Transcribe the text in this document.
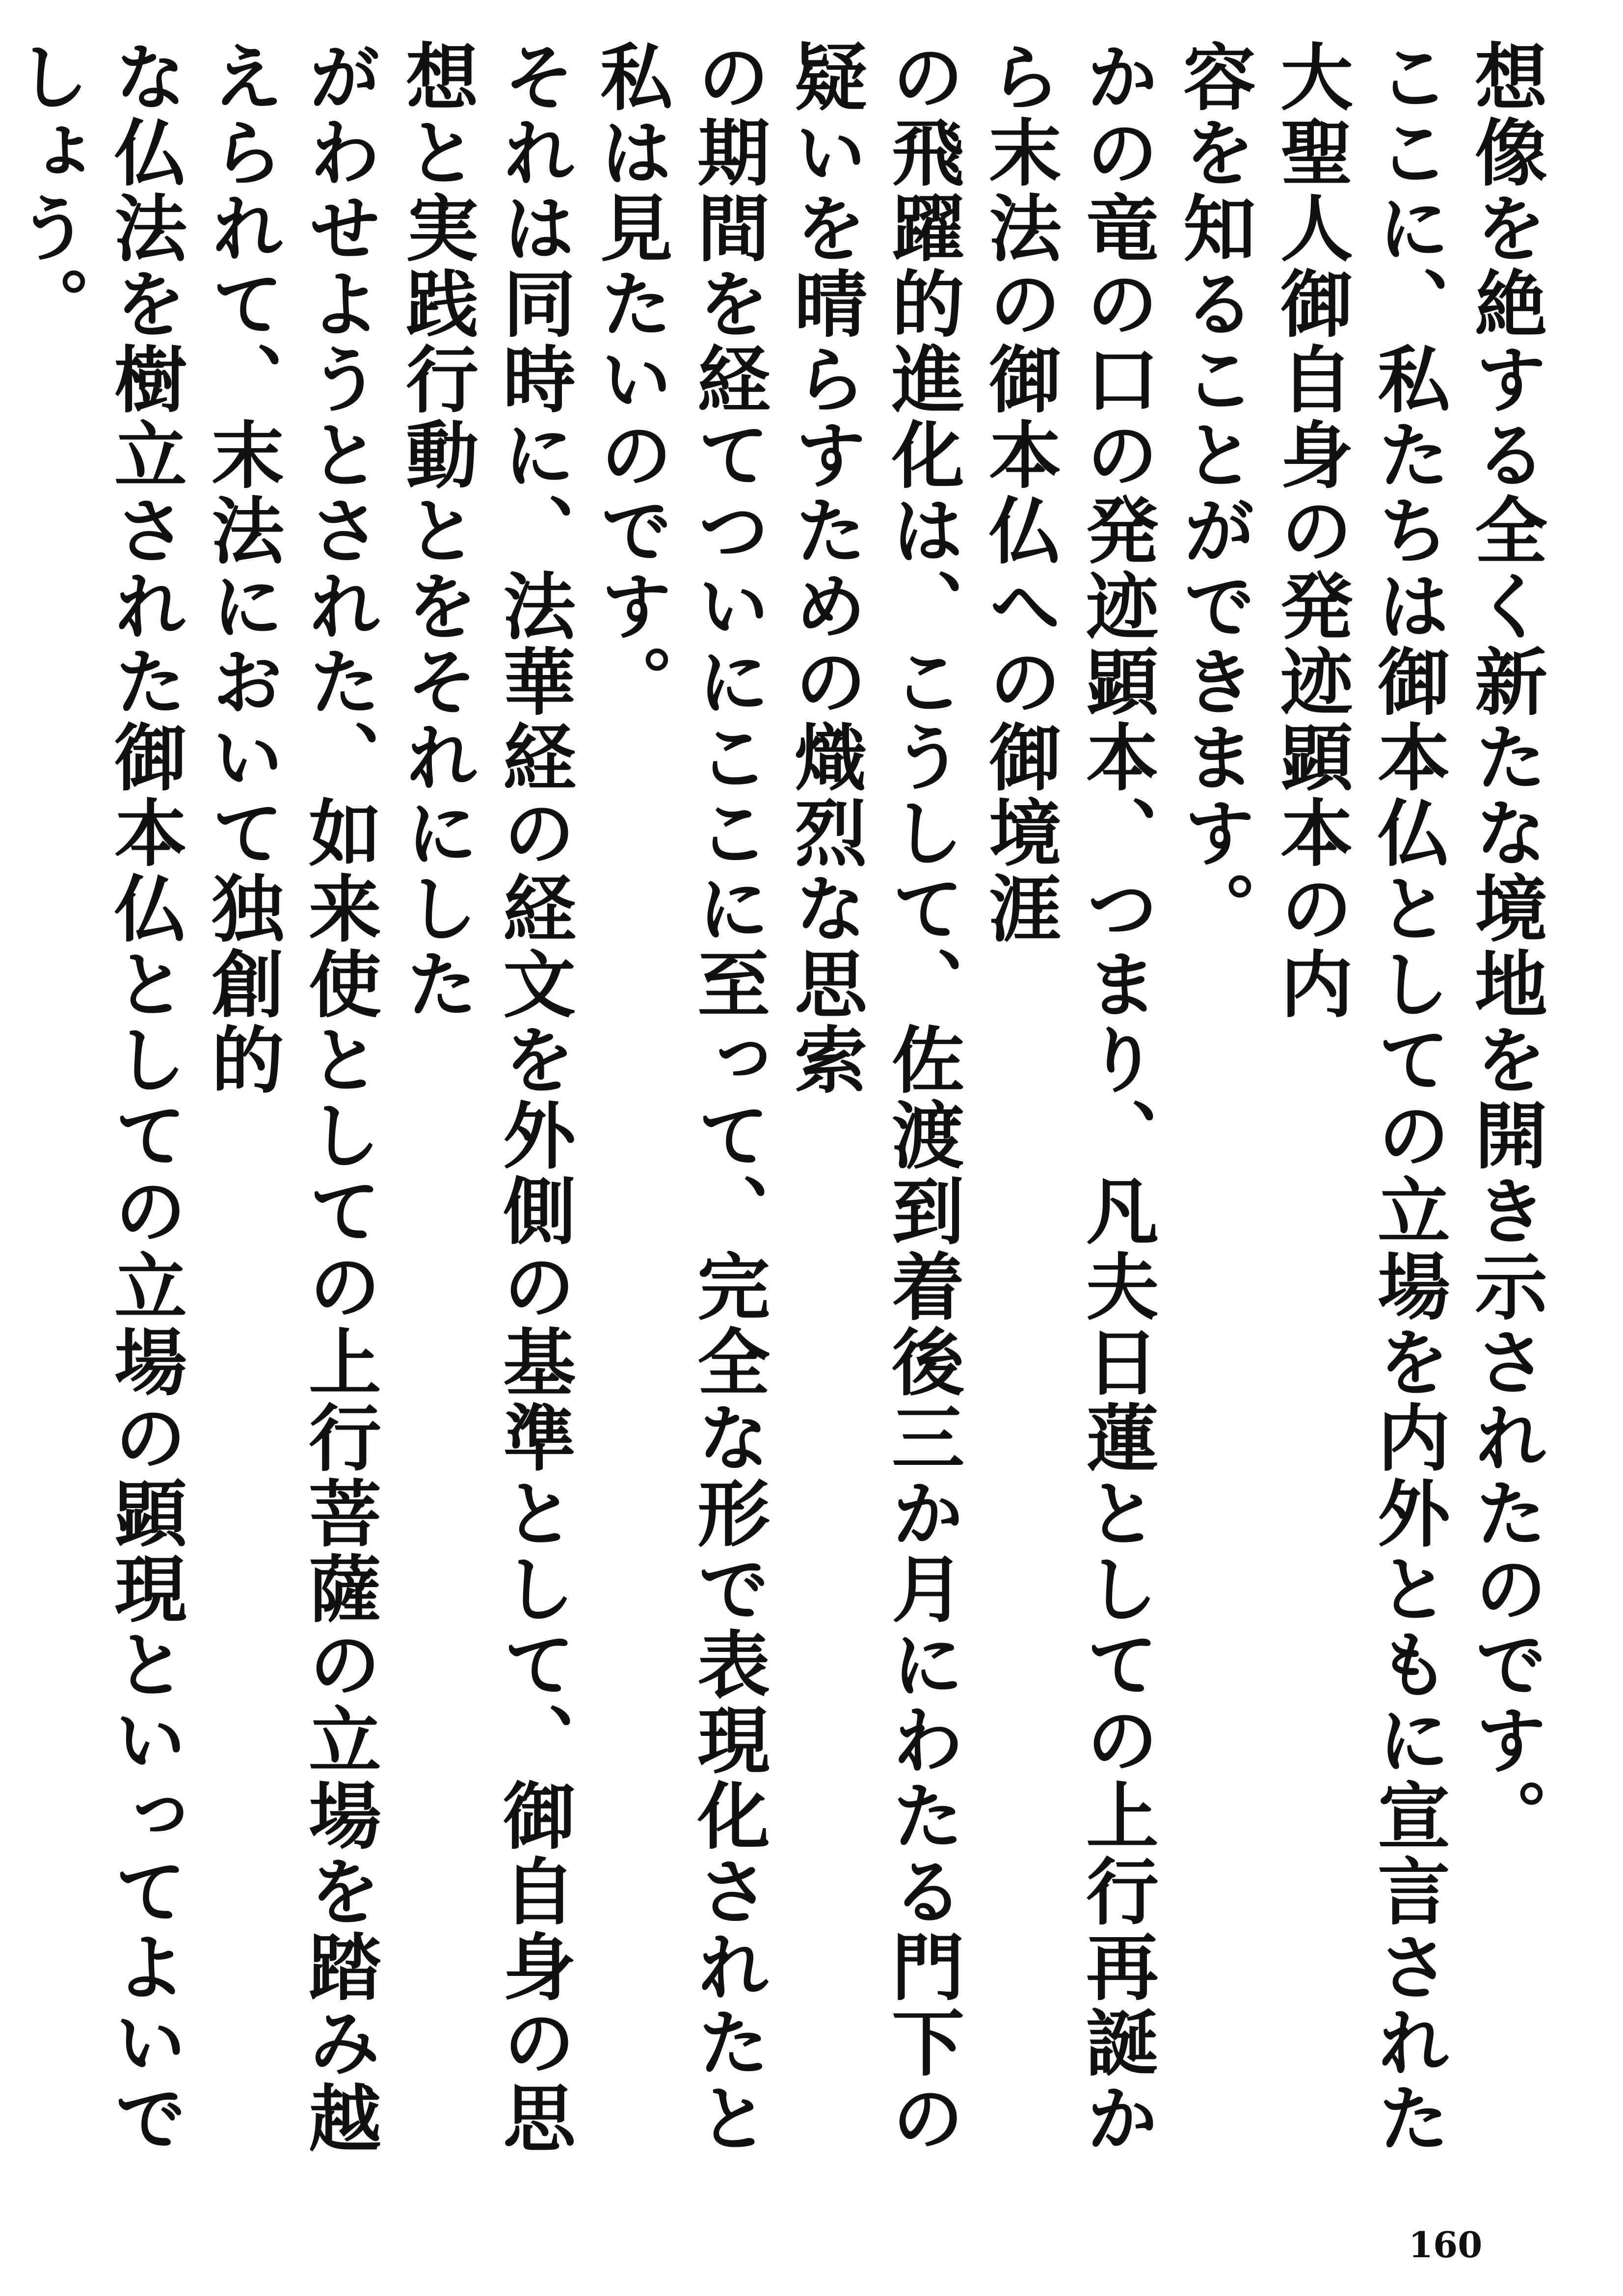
想像を絶する全く新たな境地を開き示されたのです。
ここに、私たちは御本仏としての立場を内外ともに宣言された大聖人御自身の発迹顕本の内
容を知ることができます。
かの竜の口の発迹顕本、つまり、凡夫日蓮としての上行再誕から末法の御本仏への御境涯
の飛躍的進化は、こうして、佐渡到着後三か月にわたる門下の疑いを晴らすための熾烈な思索
の期間を経てついにここに至って、完全な形で表現化されたと私は見たいのです。
それは同時に、法華経の経文を外側の基準として、御自身の思想と実践行動とをそれにした
がわせようとされた、如来使としての上行菩薩の立場を踏み越えられて、末法において独創的
な仏法を樹立された御本仏としての立場の顕現といってよいでしょう。
160
